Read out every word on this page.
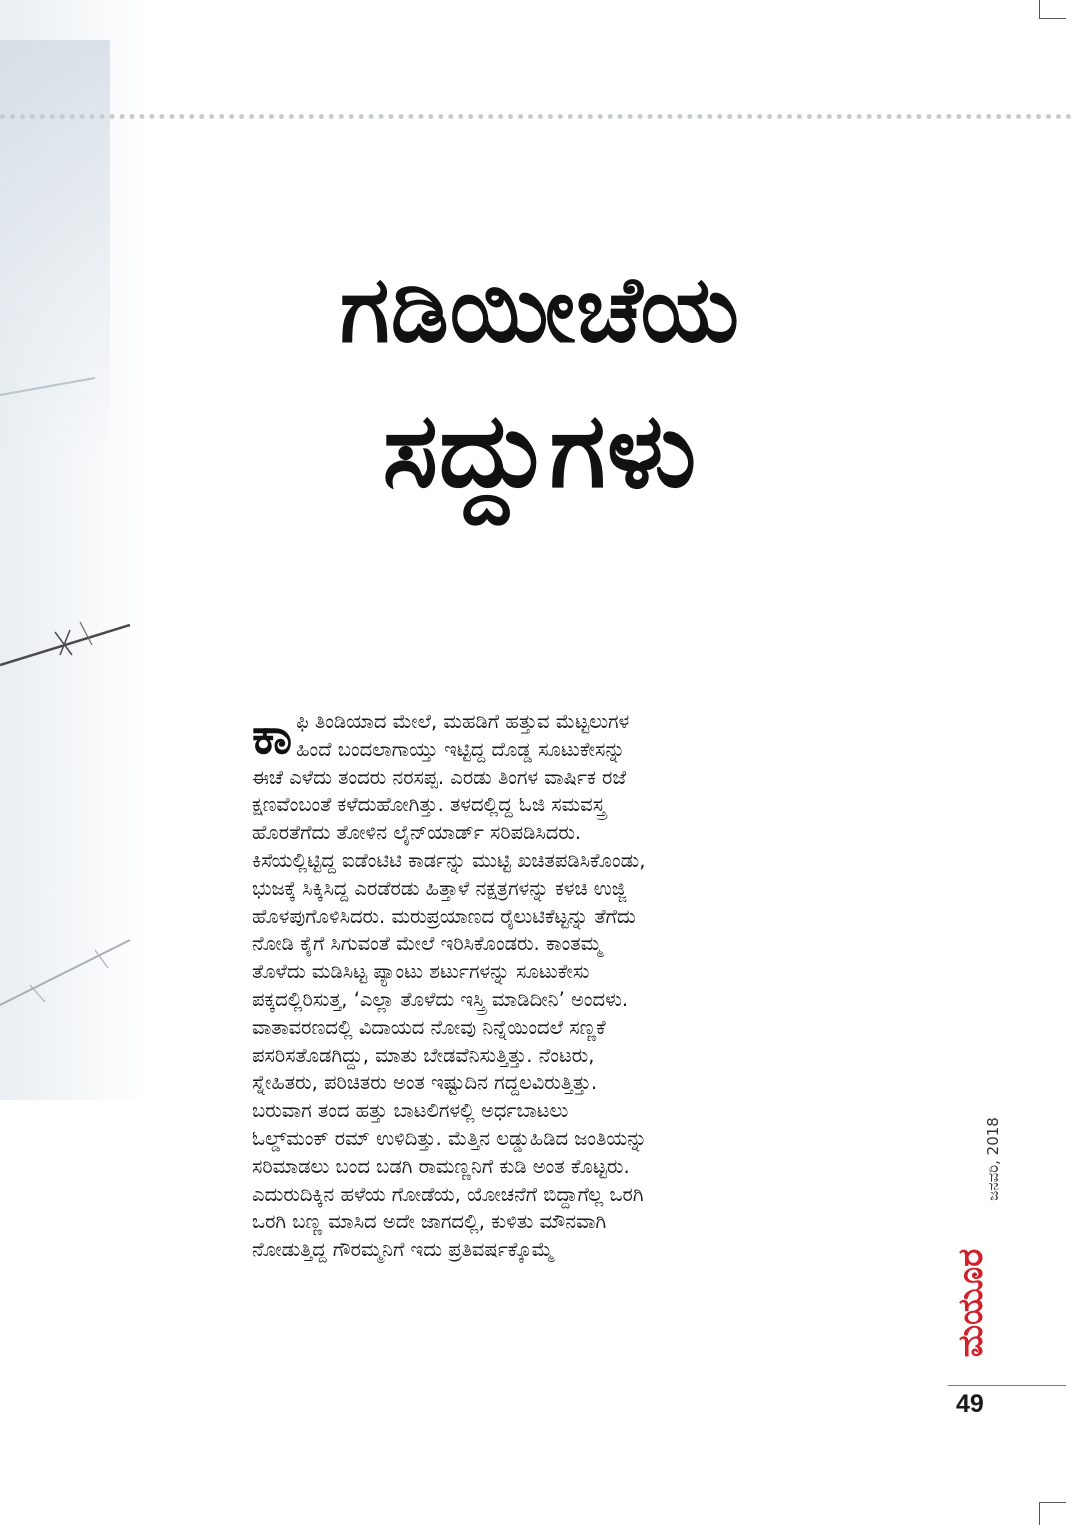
ಗಡಿಯೀಚೆಯ
ಸದ್ದುಗಳು
ಕಾ ಫಿ ತಿಂಡಿಯಾದ ಮೇಲೆ, ಮಹಡಿಗೆ ಹತ್ತುವ ಮೆಟ್ಟಲುಗಳ
ಹಿಂದೆ ಬಂದಲಾಗಾಯ್ತು ಇಟ್ಟಿದ್ದ ದೊಡ್ಡ ಸೂಟುಕೇಸನ್ನು
ಈಚೆ ಎಳೆದು ತಂದರು ನರಸಪ್ಪ. ಎರಡು ತಿಂಗಳ ವಾರ್ಷಿಕ ರಜೆ
ಕ್ಷಣವೆಂಬಂತೆ ಕಳೆದುಹೋಗಿತ್ತು. ತಳದಲ್ಲಿದ್ದ ಓಜಿ ಸಮವಸ್ತ್ರ
ಹೊರತೆಗೆದು ತೋಳಿನ ಲೈನ್‌ಯಾರ್ಡ್ ಸರಿಪಡಿಸಿದರು.
ಕಿಸೆಯಲ್ಲಿಟ್ಟಿದ್ದ ಐಡೆಂಟಿಟಿ ಕಾರ್ಡನ್ನು ಮುಟ್ಟಿ ಖಚಿತಪಡಿಸಿಕೊಂಡು,
ಭುಜಕ್ಕೆ ಸಿಕ್ಕಿಸಿದ್ದ ಎರಡೆರಡು ಹಿತ್ತಾಳೆ ನಕ್ಷತ್ರಗಳನ್ನು ಕಳಚಿ ಉಜ್ಜಿ
ಹೊಳಪುಗೊಳಿಸಿದರು. ಮರುಪ್ರಯಾಣದ ರೈಲುಟಿಕೆಟ್ಟನ್ನು ತೆಗೆದು
ನೋಡಿ ಕೈಗೆ ಸಿಗುವಂತೆ ಮೇಲೆ ಇರಿಸಿಕೊಂಡರು. ಕಾಂತಮ್ಮ
ತೊಳೆದು ಮಡಿಸಿಟ್ಟ ಪ್ಯಾಂಟು ಶರ್ಟುಗಳನ್ನು ಸೂಟುಕೇಸು
ಪಕ್ಕದಲ್ಲಿರಿಸುತ್ತ, ‘ಎಲ್ಲಾ ತೊಳೆದು ಇಸ್ತ್ರಿ ಮಾಡಿದೀನಿ’ ಅಂದಳು.
ವಾತಾವರಣದಲ್ಲಿ ವಿದಾಯದ ನೋವು ನಿನ್ನೆಯಿಂದಲೆ ಸಣ್ಣಕೆ
ಪಸರಿಸತೊಡಗಿದ್ದು, ಮಾತು ಬೇಡವೆನಿಸುತ್ತಿತ್ತು. ನೆಂಟರು,
ಸ್ನೇಹಿತರು, ಪರಿಚಿತರು ಅಂತ ಇಷ್ಟುದಿನ ಗದ್ದಲವಿರುತ್ತಿತ್ತು.
ಬರುವಾಗ ತಂದ ಹತ್ತು ಬಾಟಲಿಗಳಲ್ಲಿ ಅರ್ಧಬಾಟಲು
ಓಲ್ಡ್‌ಮಂಕ್ ರಮ್ ಉಳಿದಿತ್ತು. ಮೆತ್ತಿನ ಲಡ್ಡುಹಿಡಿದ ಜಂತಿಯನ್ನು
ಸರಿಮಾಡಲು ಬಂದ ಬಡಗಿ ರಾಮಣ್ಣನಿಗೆ ಕುಡಿ ಅಂತ ಕೊಟ್ಟರು.
ಎದುರುದಿಕ್ಕಿನ ಹಳೆಯ ಗೋಡೆಯ, ಯೋಚನೆಗೆ ಬಿದ್ದಾಗೆಲ್ಲ ಒರಗಿ
ಒರಗಿ ಬಣ್ಣ ಮಾಸಿದ ಅದೇ ಜಾಗದಲ್ಲಿ, ಕುಳಿತು ಮೌನವಾಗಿ
ನೋಡುತ್ತಿದ್ದ ಗೌರಮ್ಮನಿಗೆ ಇದು ಪ್ರತಿವರ್ಷಕ್ಕೊಮ್ಮೆ
ಜನವರಿ, 2018
ಮಯೂರ
49
